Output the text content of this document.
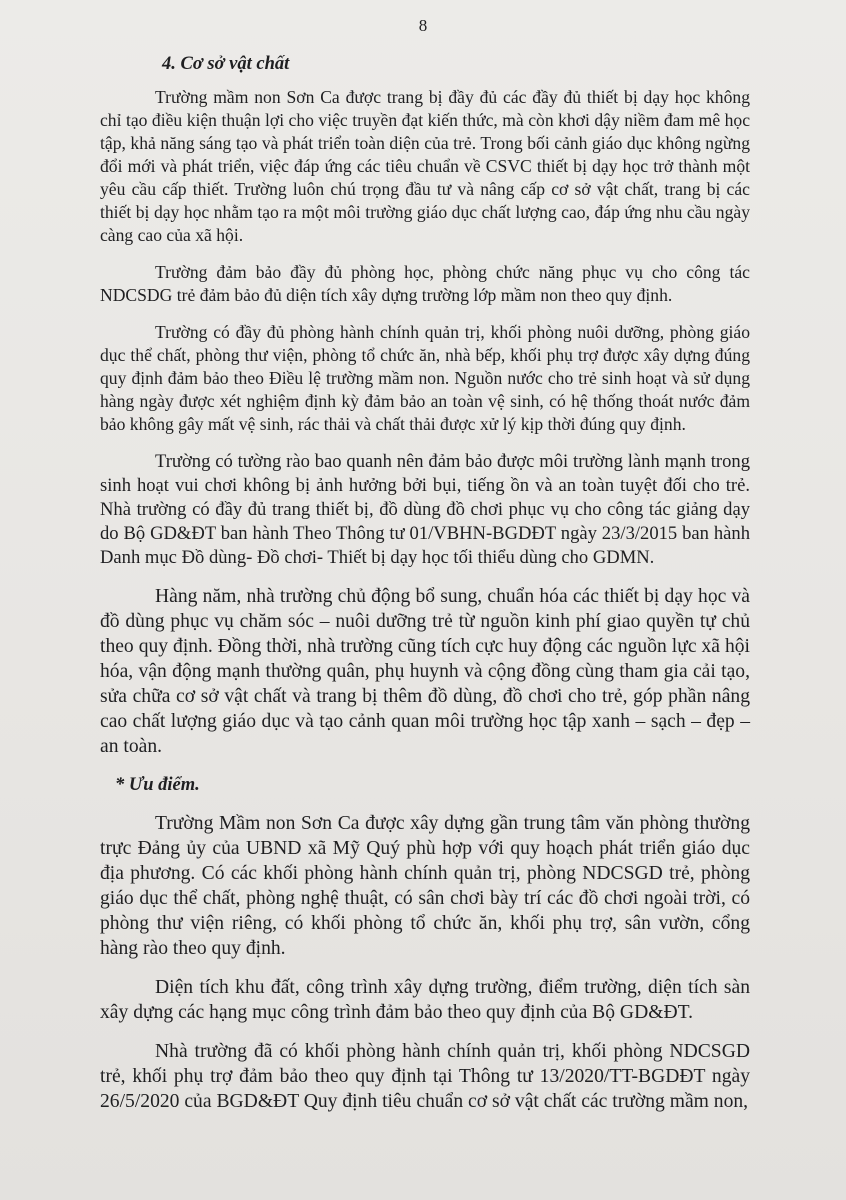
8
4. Cơ sở vật chất

Trường mầm non Sơn Ca được trang bị đầy đủ các đầy đủ thiết bị dạy học không chỉ tạo điều kiện thuận lợi cho việc truyền đạt kiến thức, mà còn khơi dậy niềm đam mê học tập, khả năng sáng tạo và phát triển toàn diện của trẻ. Trong bối cảnh giáo dục không ngừng đổi mới và phát triển, việc đáp ứng các tiêu chuẩn về CSVC thiết bị dạy học trở thành một yêu cầu cấp thiết. Trường luôn chú trọng đầu tư và nâng cấp cơ sở vật chất, trang bị các thiết bị dạy học nhằm tạo ra một môi trường giáo dục chất lượng cao, đáp ứng nhu cầu ngày càng cao của xã hội.

Trường đảm bảo đầy đủ phòng học, phòng chức năng phục vụ cho công tác NDCSDG trẻ đảm bảo đủ diện tích xây dựng trường lớp mầm non theo quy định.

Trường có đầy đủ phòng hành chính quản trị, khối phòng nuôi dưỡng, phòng giáo dục thể chất, phòng thư viện, phòng tổ chức ăn, nhà bếp, khối phụ trợ được xây dựng đúng quy định đảm bảo theo Điều lệ trường mầm non. Nguồn nước cho trẻ sinh hoạt và sử dụng hàng ngày được xét nghiệm định kỳ đảm bảo an toàn vệ sinh, có hệ thống thoát nước đảm bảo không gây mất vệ sinh, rác thải và chất thải được xử lý kịp thời đúng quy định.

Trường có tường rào bao quanh nên đảm bảo được môi trường lành mạnh trong sinh hoạt vui chơi không bị ảnh hưởng bởi bụi, tiếng ồn và an toàn tuyệt đối cho trẻ. Nhà trường có đầy đủ trang thiết bị, đồ dùng đồ chơi phục vụ cho công tác giảng dạy do Bộ GD&ĐT ban hành Theo Thông tư 01/VBHN-BGDĐT ngày 23/3/2015 ban hành Danh mục Đồ dùng- Đồ chơi- Thiết bị dạy học tối thiểu dùng cho GDMN.

Hàng năm, nhà trường chủ động bổ sung, chuẩn hóa các thiết bị dạy học và đồ dùng phục vụ chăm sóc – nuôi dưỡng trẻ từ nguồn kinh phí giao quyền tự chủ theo quy định. Đồng thời, nhà trường cũng tích cực huy động các nguồn lực xã hội hóa, vận động mạnh thường quân, phụ huynh và cộng đồng cùng tham gia cải tạo, sửa chữa cơ sở vật chất và trang bị thêm đồ dùng, đồ chơi cho trẻ, góp phần nâng cao chất lượng giáo dục và tạo cảnh quan môi trường học tập xanh – sạch – đẹp – an toàn.

* Ưu điểm.

Trường Mầm non Sơn Ca được xây dựng gần trung tâm văn phòng thường trực Đảng ủy của UBND xã Mỹ Quý phù hợp với quy hoạch phát triển giáo dục địa phương. Có các khối phòng hành chính quản trị, phòng NDCSGD trẻ, phòng giáo dục thể chất, phòng nghệ thuật, có sân chơi bày trí các đồ chơi ngoài trời, có phòng thư viện riêng, có khối phòng tổ chức ăn, khối phụ trợ, sân vườn, cổng hàng rào theo quy định.

Diện tích khu đất, công trình xây dựng trường, điểm trường, diện tích sàn xây dựng các hạng mục công trình đảm bảo theo quy định của Bộ GD&ĐT.

Nhà trường đã có khối phòng hành chính quản trị, khối phòng NDCSGD trẻ, khối phụ trợ đảm bảo theo quy định tại Thông tư 13/2020/TT-BGDĐT ngày 26/5/2020 của BGD&ĐT Quy định tiêu chuẩn cơ sở vật chất các trường mầm non,
